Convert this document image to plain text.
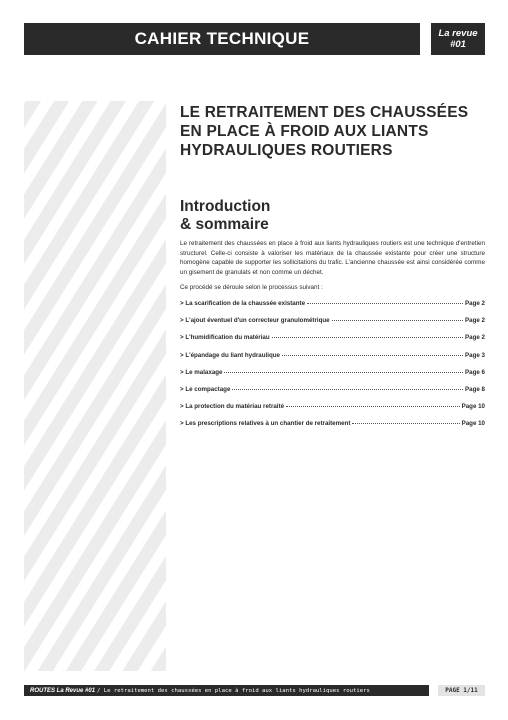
CAHIER TECHNIQUE	La revue
#01
LE RETRAITEMENT DES CHAUSSÉES EN PLACE À FROID AUX LIANTS HYDRAULIQUES ROUTIERS
Introduction
& sommaire

Le retraitement des chaussées en place à froid aux liants hydrauliques routiers est une technique d'entretien structurel. Celle-ci consiste à valoriser les matériaux de la chaussée existante pour créer une structure homogène capable de supporter les sollicitations du trafic. L'ancienne chaussée est ainsi considérée comme un gisement de granulats et non comme un déchet.

Ce procédé se déroule selon le processus suivant :

> La scarification de la chaussée existante	Page 2
> L'ajout éventuel d'un correcteur granulométrique	Page 2
> L'humidification du matériau	Page 2
> L'épandage du liant hydraulique	Page 3
> Le malaxage	Page 6
> Le compactage	Page 8
> La protection du matériau retraité	Page 10
> Les prescriptions relatives à un chantier de retraitement	Page 10
ROUTES La Revue #01 / Le retraitement des chaussées en place à froid aux liants hydrauliques routiers	PAGE 1/11
